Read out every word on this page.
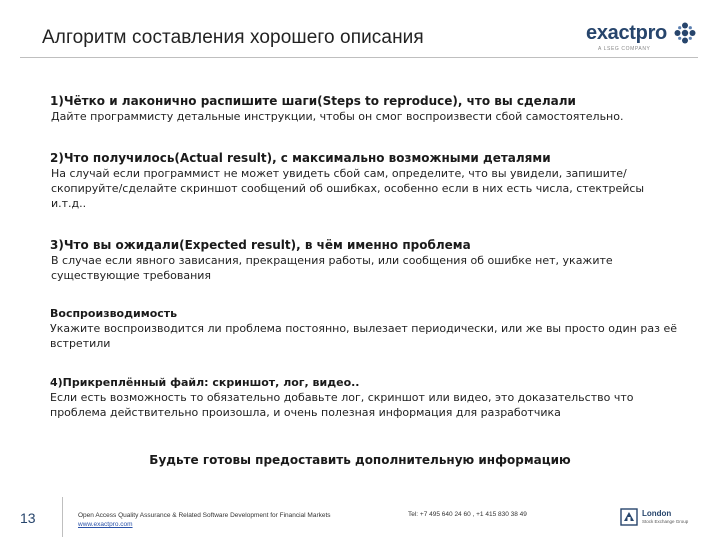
Алгоритм составления хорошего описания	exactpro
A LSEG COMPANY
1)Чётко и лаконично распишите шаги(Steps to reproduce), что вы сделали
Дайте программисту детальные инструкции, чтобы он смог воспроизвести сбой самостоятельно.
2)Что получилось(Actual result), с максимально возможными деталями
На случай если программист не может увидеть сбой сам, определите, что вы увидели, запишите/скопируйте/сделайте скриншот сообщений об ошибках, особенно если в них есть числа, стектрейсы и.т.д..
3)Что вы ожидали(Expected result), в чём именно проблема
В случае если явного зависания, прекращения работы, или сообщения об ошибке нет, укажите существующие требования
Воспроизводимость
Укажите воспроизводится ли проблема постоянно, вылезает периодически, или же вы просто один раз её встретили
4)Прикреплённый файл: скриншот, лог, видео..
Если есть возможность то обязательно добавьте лог, скриншот или видео, это доказательство что проблема действительно произошла, и очень полезная информация для разработчика
Будьте готовы предоставить дополнительную информацию
13	Open Access Quality Assurance & Related Software Development for Financial Markets
www.exactpro.com
Tel: +7 495 640 24 60 , +1 415 830 38 49	London
Stock Exchange Group
